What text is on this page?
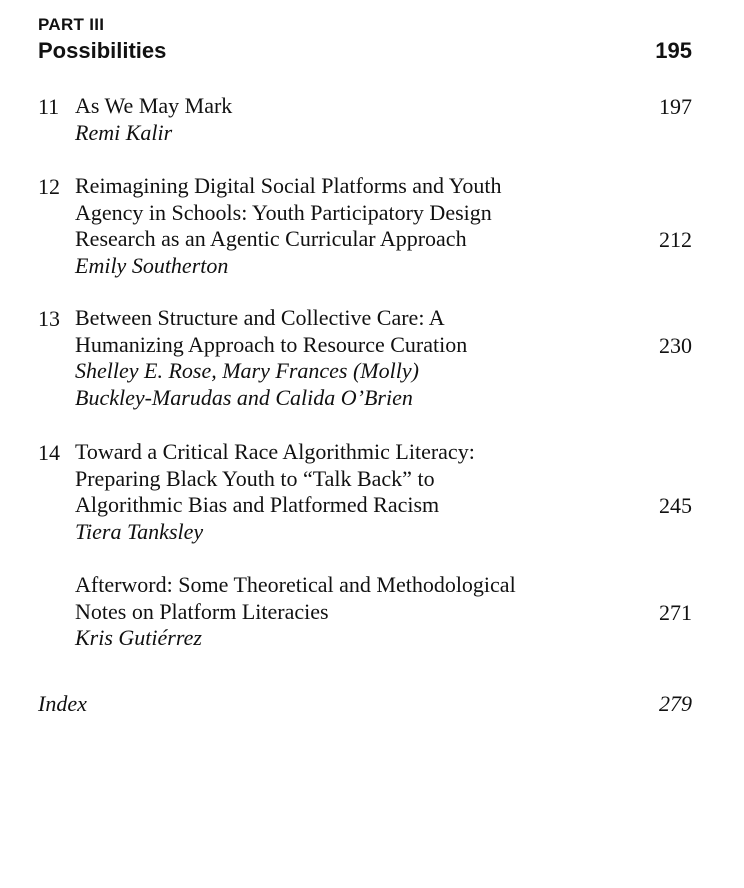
PART III
Possibilities	195
11 As We May Mark
Remi Kalir
197
12 Reimagining Digital Social Platforms and Youth
Agency in Schools: Youth Participatory Design
Research as an Agentic Curricular Approach
Emily Southerton
212
13 Between Structure and Collective Care: A
Humanizing Approach to Resource Curation
Shelley E. Rose, Mary Frances (Molly)
Buckley-Marudas and Calida O’Brien
230
14 Toward a Critical Race Algorithmic Literacy:
Preparing Black Youth to “Talk Back” to
Algorithmic Bias and Platformed Racism
Tiera Tanksley
245
Afterword: Some Theoretical and Methodological
Notes on Platform Literacies
Kris Gutiérrez
271
Index	279
